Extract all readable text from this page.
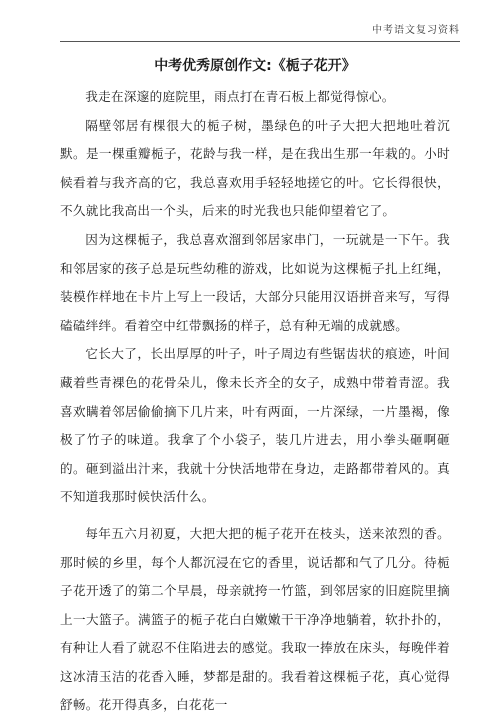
中考语文复习资料
中考优秀原创作文:《栀子花开》

我走在深邃的庭院里，雨点打在青石板上都觉得惊心。

隔壁邻居有棵很大的栀子树，墨绿色的叶子大把大把地吐着沉默。是一棵重瓣栀子，花龄与我一样，是在我出生那一年栽的。小时候看着与我齐高的它，我总喜欢用手轻轻地搓它的叶。它长得很快，不久就比我高出一个头，后来的时光我也只能仰望着它了。

因为这棵栀子，我总喜欢溜到邻居家串门，一玩就是一下午。我和邻居家的孩子总是玩些幼稚的游戏，比如说为这棵栀子扎上红绳，装模作样地在卡片上写上一段话，大部分只能用汉语拼音来写，写得磕磕绊绊。看着空中红带飘扬的样子，总有种无端的成就感。

它长大了，长出厚厚的叶子，叶子周边有些锯齿状的痕迹，叶间藏着些青裸色的花骨朵儿，像未长齐全的女子，成熟中带着青涩。我喜欢瞒着邻居偷偷摘下几片来，叶有两面，一片深绿，一片墨褐，像极了竹子的味道。我拿了个小袋子，装几片进去，用小拳头砸啊砸的。砸到溢出汁来，我就十分快活地带在身边，走路都带着风的。真不知道我那时候快活什么。

每年五六月初夏，大把大把的栀子花开在枝头，送来浓烈的香。那时候的乡里，每个人都沉浸在它的香里，说话都和气了几分。待栀子花开透了的第二个早晨，母亲就挎一竹篮，到邻居家的旧庭院里摘上一大篮子。满篮子的栀子花白白嫩嫩干干净净地躺着，软扑扑的，有种让人看了就忍不住陷进去的感觉。我取一捧放在床头，每晚伴着这冰清玉洁的花香入睡，梦都是甜的。我看着这棵栀子花，真心觉得舒畅。花开得真多，白花花一
